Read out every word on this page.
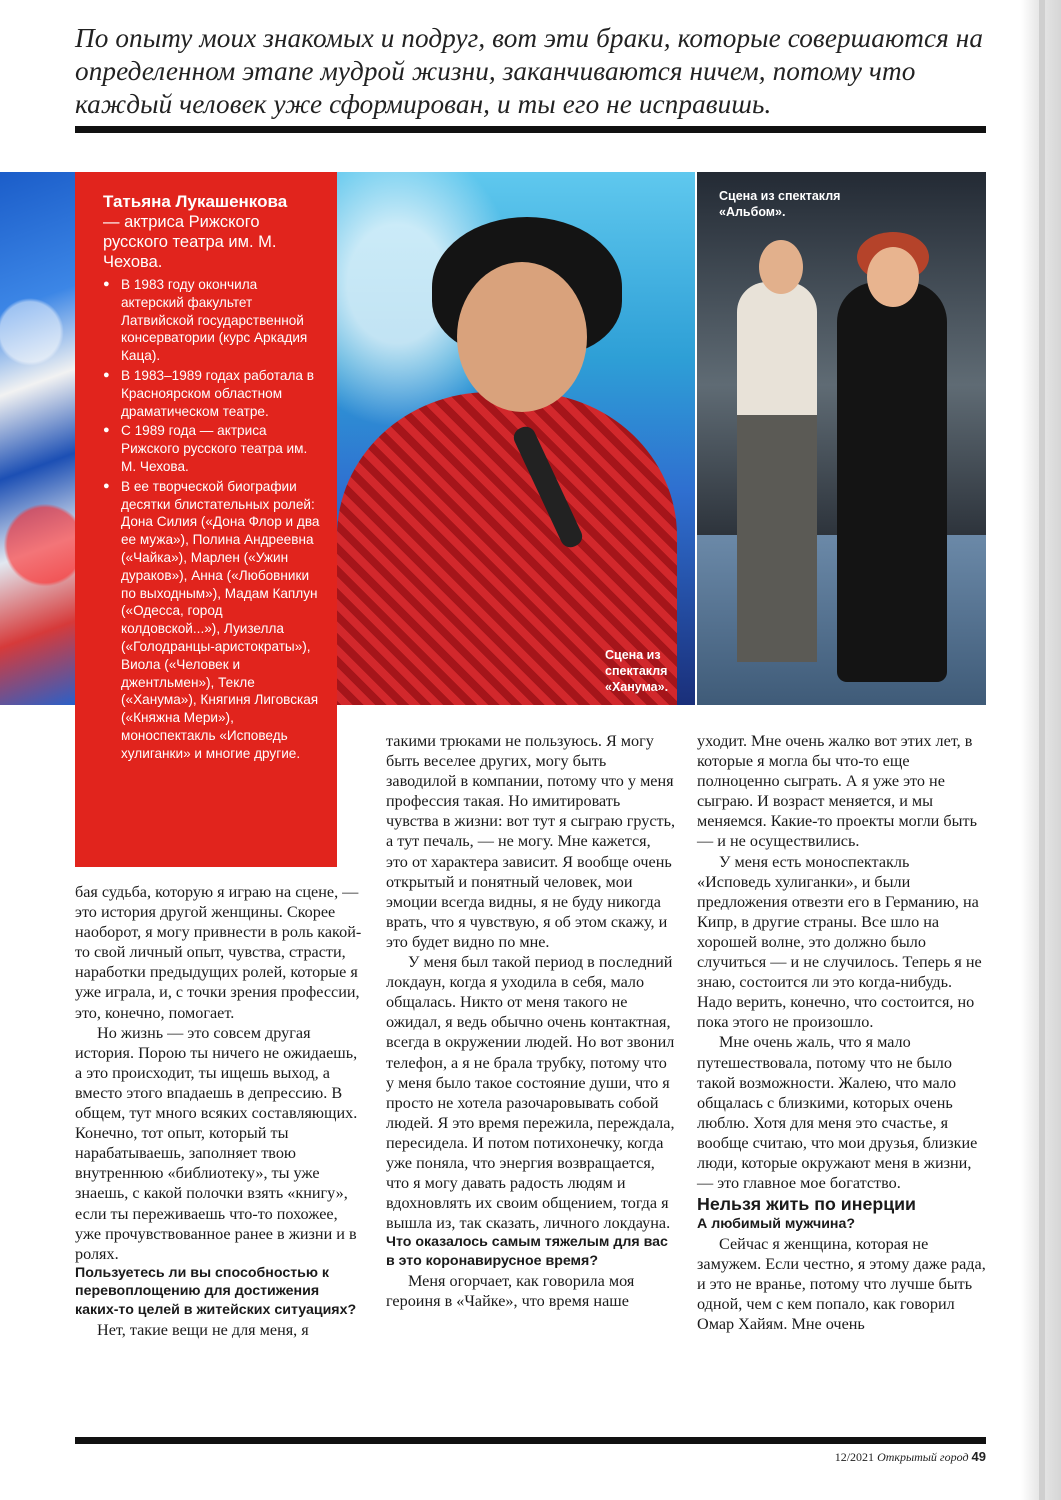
По опыту моих знакомых и подруг, вот эти браки, которые совершаются на определенном этапе мудрой жизни, заканчиваются ничем, потому что каждый человек уже сформирован, и ты его не исправишь.

Татьяна Лукашенкова
— актриса Рижского русского театра им. М. Чехова.
● В 1983 году окончила актерский факультет Латвийской государственной консерватории (курс Аркадия Каца).
● В 1983–1989 годах работала в Красноярском областном драматическом театре.
● С 1989 года — актриса Рижского русского театра им. М. Чехова.
● В ее творческой биографии десятки блистательных ролей: Дона Силия («Дона Флор и два ее мужа»), Полина Андреевна («Чайка»), Марлен («Ужин дураков»), Анна («Любовники по выходным»), Мадам Каплун («Одесса, город колдовской...»), Луизелла («Голодранцы-аристократы»), Виола («Человек и джентльмен»), Текле («Ханума»), Княгиня Лиговская («Княжна Мери»), моноспектакль «Исповедь хулиганки» и многие другие.
Сцена из спектакля «Ханума».
Сцена из спектакля «Альбом».

бая судьба, которую я играю на сцене, — это история другой женщины. Скорее наоборот, я могу привнести в роль какой-то свой личный опыт, чувства, страсти, наработки предыдущих ролей, которые я уже играла, и, с точки зрения профессии, это, конечно, помогает.

Но жизнь — это совсем другая история. Порою ты ничего не ожидаешь, а это происходит, ты ищешь выход, а вместо этого впадаешь в депрессию. В общем, тут много всяких составляющих. Конечно, тот опыт, который ты нарабатываешь, заполняет твою внутреннюю «библиотеку», ты уже знаешь, с какой полочки взять «книгу», если ты переживаешь что-то похожее, уже прочувствованное ранее в жизни и в ролях.

Пользуетесь ли вы способностью к перевоплощению для достижения каких-то целей в житейских ситуациях?

Нет, такие вещи не для меня, я

такими трюками не пользуюсь. Я могу быть веселее других, могу быть заводилой в компании, потому что у меня профессия такая. Но имитировать чувства в жизни: вот тут я сыграю грусть, а тут печаль, — не могу. Мне кажется, это от характера зависит. Я вообще очень открытый и понятный человек, мои эмоции всегда видны, я не буду никогда врать, что я чувствую, я об этом скажу, и это будет видно по мне.

У меня был такой период в последний локдаун, когда я уходила в себя, мало общалась. Никто от меня такого не ожидал, я ведь обычно очень контактная, всегда в окружении людей. Но вот звонил телефон, а я не брала трубку, потому что у меня было такое состояние души, что я просто не хотела разочаровывать собой людей. Я это время пережила, переждала, пересидела. И потом потихонечку, когда уже поняла, что энергия возвращается, что я могу давать радость людям и вдохновлять их своим общением, тогда я вышла из, так сказать, личного локдауна.

Что оказалось самым тяжелым для вас в это коронавирусное время?

Меня огорчает, как говорила моя героиня в «Чайке», что время наше

уходит. Мне очень жалко вот этих лет, в которые я могла бы что-то еще полноценно сыграть. А я уже это не сыграю. И возраст меняется, и мы меняемся. Какие-то проекты могли быть — и не осуществились.

У меня есть моноспектакль «Исповедь хулиганки», и были предложения отвезти его в Германию, на Кипр, в другие страны. Все шло на хорошей волне, это должно было случиться — и не случилось. Теперь я не знаю, состоится ли это когда-нибудь. Надо верить, конечно, что состоится, но пока этого не произошло.

Мне очень жаль, что я мало путешествовала, потому что не было такой возможности. Жалею, что мало общалась с близкими, которых очень люблю. Хотя для меня это счастье, я вообще считаю, что мои друзья, близкие люди, которые окружают меня в жизни, — это главное мое богатство.

Нельзя жить по инерции

А любимый мужчина?

Сейчас я женщина, которая не замужем. Если честно, я этому даже рада, и это не вранье, потому что лучше быть одной, чем с кем попало, как говорил Омар Хайям. Мне очень

12/2021 Открытый город 49
